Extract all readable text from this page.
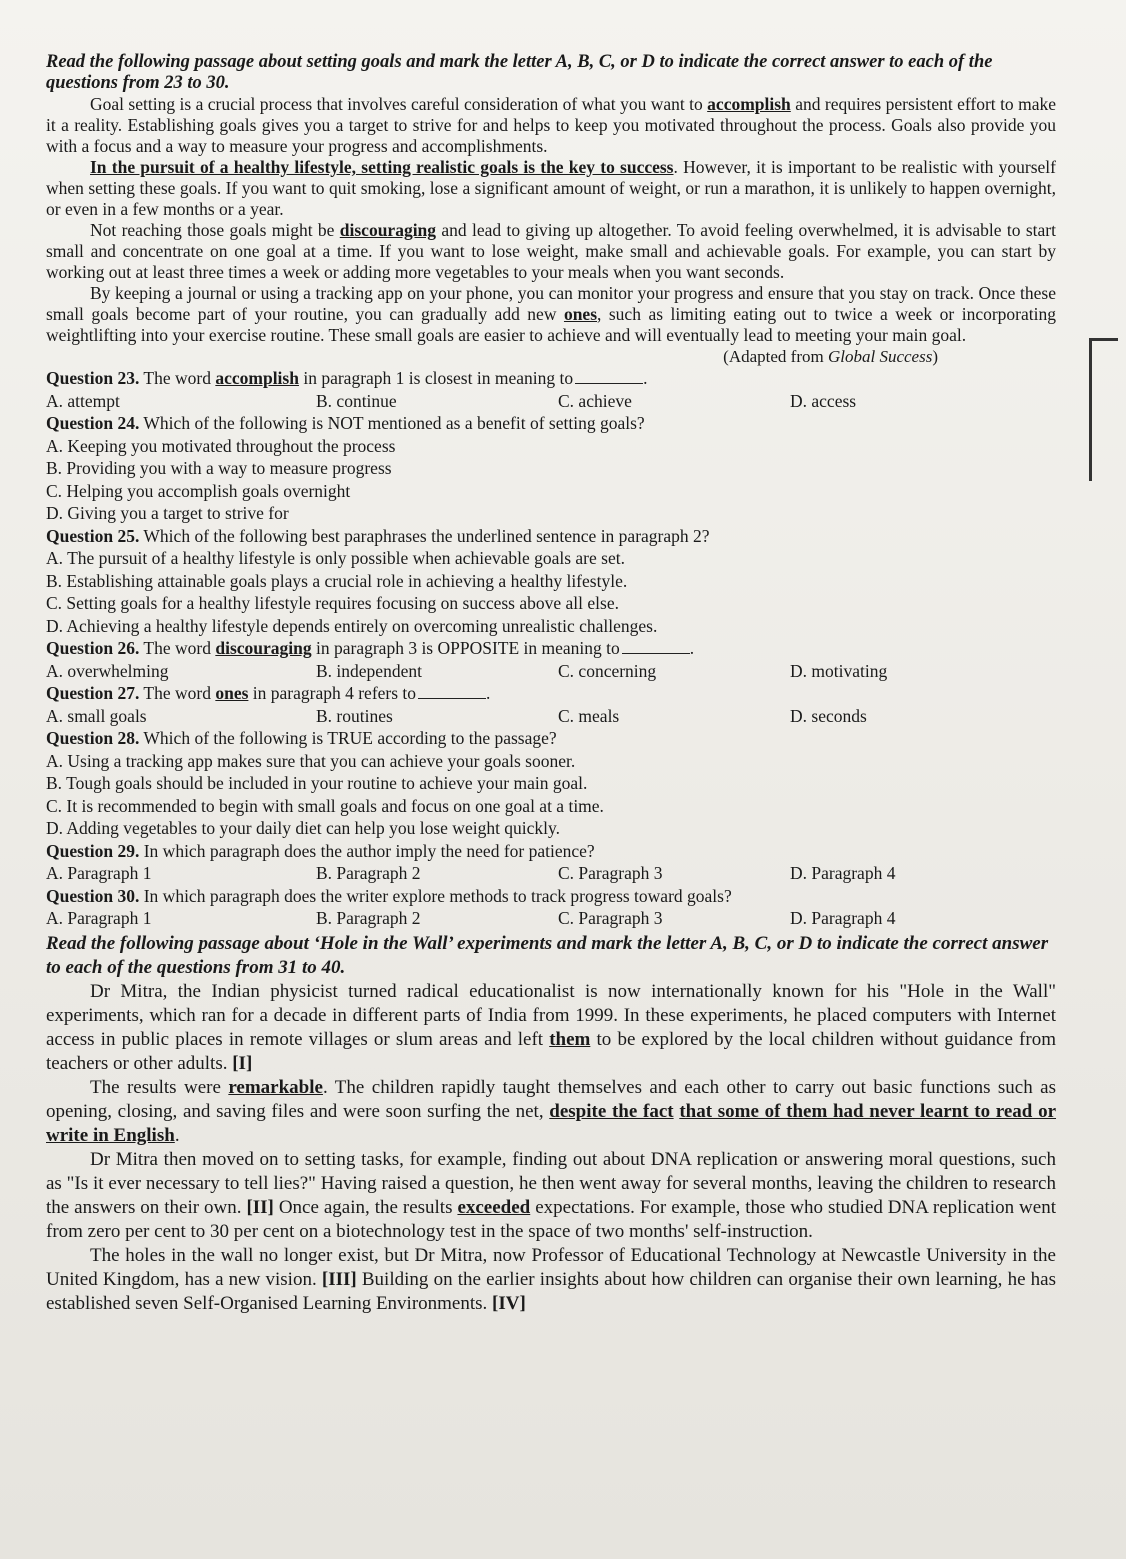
Read the following passage about setting goals and mark the letter A, B, C, or D to indicate the correct answer to each of the questions from 23 to 30.

Goal setting is a crucial process that involves careful consideration of what you want to accomplish and requires persistent effort to make it a reality. Establishing goals gives you a target to strive for and helps to keep you motivated throughout the process. Goals also provide you with a focus and a way to measure your progress and accomplishments.

In the pursuit of a healthy lifestyle, setting realistic goals is the key to success. However, it is important to be realistic with yourself when setting these goals. If you want to quit smoking, lose a significant amount of weight, or run a marathon, it is unlikely to happen overnight, or even in a few months or a year.

Not reaching those goals might be discouraging and lead to giving up altogether. To avoid feeling overwhelmed, it is advisable to start small and concentrate on one goal at a time. If you want to lose weight, make small and achievable goals. For example, you can start by working out at least three times a week or adding more vegetables to your meals when you want seconds.

By keeping a journal or using a tracking app on your phone, you can monitor your progress and ensure that you stay on track. Once these small goals become part of your routine, you can gradually add new ones, such as limiting eating out to twice a week or incorporating weightlifting into your exercise routine. These small goals are easier to achieve and will eventually lead to meeting your main goal.

(Adapted from Global Success)

Question 23. The word accomplish in paragraph 1 is closest in meaning to	.

A. attempt	B. continue	C. achieve	D. access

Question 24. Which of the following is NOT mentioned as a benefit of setting goals?

A. Keeping you motivated throughout the process

B. Providing you with a way to measure progress

C. Helping you accomplish goals overnight

D. Giving you a target to strive for

Question 25. Which of the following best paraphrases the underlined sentence in paragraph 2?

A. The pursuit of a healthy lifestyle is only possible when achievable goals are set.

B. Establishing attainable goals plays a crucial role in achieving a healthy lifestyle.

C. Setting goals for a healthy lifestyle requires focusing on success above all else.

D. Achieving a healthy lifestyle depends entirely on overcoming unrealistic challenges.

Question 26. The word discouraging in paragraph 3 is OPPOSITE in meaning to	.

A. overwhelming	B. independent	C. concerning	D. motivating

Question 27. The word ones in paragraph 4 refers to	.

A. small goals	B. routines	C. meals	D. seconds

Question 28. Which of the following is TRUE according to the passage?

A. Using a tracking app makes sure that you can achieve your goals sooner.

B. Tough goals should be included in your routine to achieve your main goal.

C. It is recommended to begin with small goals and focus on one goal at a time.

D. Adding vegetables to your daily diet can help you lose weight quickly.

Question 29. In which paragraph does the author imply the need for patience?

A. Paragraph 1	B. Paragraph 2	C. Paragraph 3	D. Paragraph 4

Question 30. In which paragraph does the writer explore methods to track progress toward goals?

A. Paragraph 1	B. Paragraph 2	C. Paragraph 3	D. Paragraph 4

Read the following passage about ‘Hole in the Wall’ experiments and mark the letter A, B, C, or D to indicate the correct answer to each of the questions from 31 to 40.

Dr Mitra, the Indian physicist turned radical educationalist is now internationally known for his "Hole in the Wall" experiments, which ran for a decade in different parts of India from 1999. In these experiments, he placed computers with Internet access in public places in remote villages or slum areas and left them to be explored by the local children without guidance from teachers or other adults. [I]

The results were remarkable. The children rapidly taught themselves and each other to carry out basic functions such as opening, closing, and saving files and were soon surfing the net, despite the fact that some of them had never learnt to read or write in English.

Dr Mitra then moved on to setting tasks, for example, finding out about DNA replication or answering moral questions, such as "Is it ever necessary to tell lies?" Having raised a question, he then went away for several months, leaving the children to research the answers on their own. [II] Once again, the results exceeded expectations. For example, those who studied DNA replication went from zero per cent to 30 per cent on a biotechnology test in the space of two months' self-instruction.

The holes in the wall no longer exist, but Dr Mitra, now Professor of Educational Technology at Newcastle University in the United Kingdom, has a new vision. [III] Building on the earlier insights about how children can organise their own learning, he has established seven Self-Organised Learning Environments. [IV]
